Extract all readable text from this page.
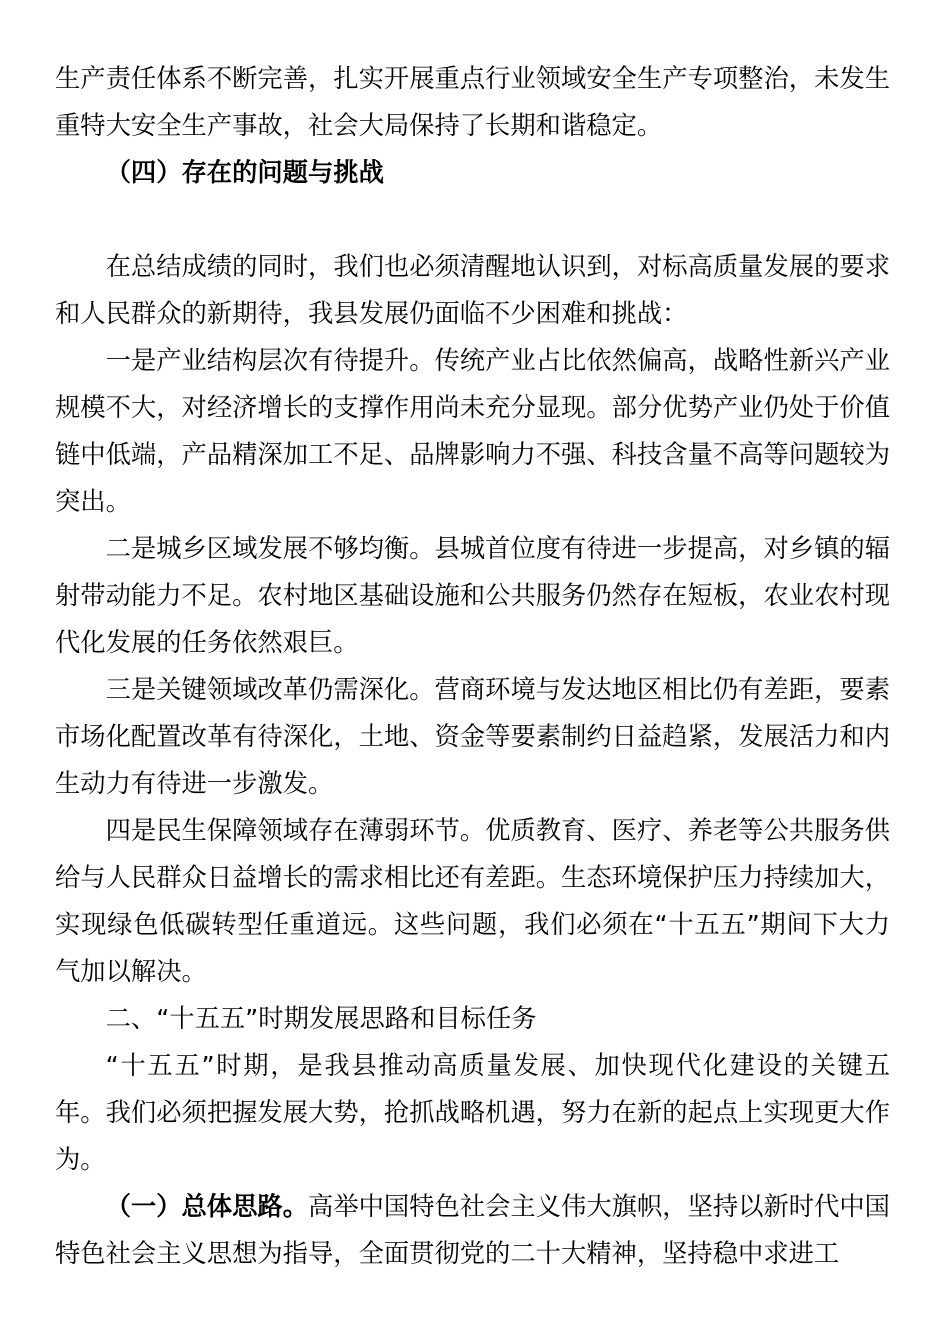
生产责任体系不断完善，扎实开展重点行业领域安全生产专项整治，未发生重特大安全生产事故，社会大局保持了长期和谐稳定。

（四）存在的问题与挑战

在总结成绩的同时，我们也必须清醒地认识到，对标高质量发展的要求和人民群众的新期待，我县发展仍面临不少困难和挑战：

一是产业结构层次有待提升。传统产业占比依然偏高，战略性新兴产业规模不大，对经济增长的支撑作用尚未充分显现。部分优势产业仍处于价值链中低端，产品精深加工不足、品牌影响力不强、科技含量不高等问题较为突出。

二是城乡区域发展不够均衡。县城首位度有待进一步提高，对乡镇的辐射带动能力不足。农村地区基础设施和公共服务仍然存在短板，农业农村现代化发展的任务依然艰巨。

三是关键领域改革仍需深化。营商环境与发达地区相比仍有差距，要素市场化配置改革有待深化，土地、资金等要素制约日益趋紧，发展活力和内生动力有待进一步激发。

四是民生保障领域存在薄弱环节。优质教育、医疗、养老等公共服务供给与人民群众日益增长的需求相比还有差距。生态环境保护压力持续加大，实现绿色低碳转型任重道远。这些问题，我们必须在“十五五”期间下大力气加以解决。

二、“十五五”时期发展思路和目标任务

“十五五”时期，是我县推动高质量发展、加快现代化建设的关键五年。我们必须把握发展大势，抢抓战略机遇，努力在新的起点上实现更大作为。

（一）总体思路。高举中国特色社会主义伟大旗帜，坚持以新时代中国特色社会主义思想为指导，全面贯彻党的二十大精神，坚持稳中求进工
